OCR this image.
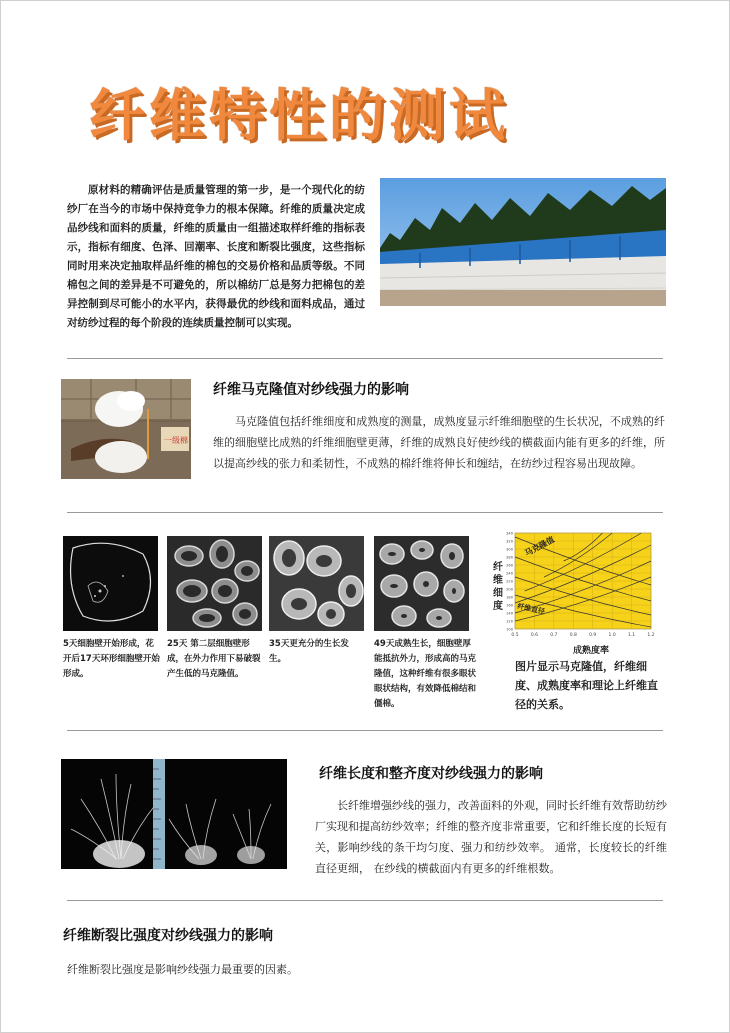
纤维特性的测试
原材料的精确评估是质量管理的第一步，是一个现代化的纺纱厂在当今的市场中保持竞争力的根本保障。纤维的质量决定成品纱线和面料的质量，纤维的质量由一组描述取样纤维的指标表示，指标有细度、色泽、回潮率、长度和断裂比强度，这些指标同时用来决定抽取样品纤维的棉包的交易价格和品质等级。不同棉包之间的差异是不可避免的，所以棉纺厂总是努力把棉包的差异控制到尽可能小的水平内，获得最优的纱线和面料成品，通过对纺纱过程的每个阶段的连续质量控制可以实现。
一级棉
纤维马克隆值对纱线强力的影响
马克隆值包括纤维细度和成熟度的测量，成熟度显示纤维细胞壁的生长状况，不成熟的纤维的细胞壁比成熟的纤维细胞壁更薄，纤维的成熟良好使纱线的横截面内能有更多的纤维，所以提高纱线的张力和柔韧性，不成熟的棉纤维将伸长和缠结，在纺纱过程容易出现故障。
5天细胞壁开始形成，花开后17天环形细胞壁开始形成。
25天 第二层细胞壁形成，在外力作用下易破裂产生低的马克隆值。
35天更充分的生长发生。
49天成熟生长，细胞壁厚能抵抗外力，形成高的马克隆值，这种纤维有很多眼状眼状结构，有效降低棉结和僵棉。
340
320
300
280
260
240
220
200
180
160
140
120
100
0.5	0.6	0.7	0.8	0.9	1.0	1.1	1.2
马克隆值
纤维直径
纤维细度
成熟度率
图片显示马克隆值，纤维细度、成熟度率和理论上纤维直径的关系。
纤维长度和整齐度对纱线强力的影响
长纤维增强纱线的强力，改善面料的外观，同时长纤维有效帮助纺纱厂实现和提高纺纱效率；纤维的整齐度非常重要，它和纤维长度的长短有关，影响纱线的条干均匀度、强力和纺纱效率。 通常，长度较长的纤维直径更细， 在纱线的横截面内有更多的纤维根数。
纤维断裂比强度对纱线强力的影响
纤维断裂比强度是影响纱线强力最重要的因素。
